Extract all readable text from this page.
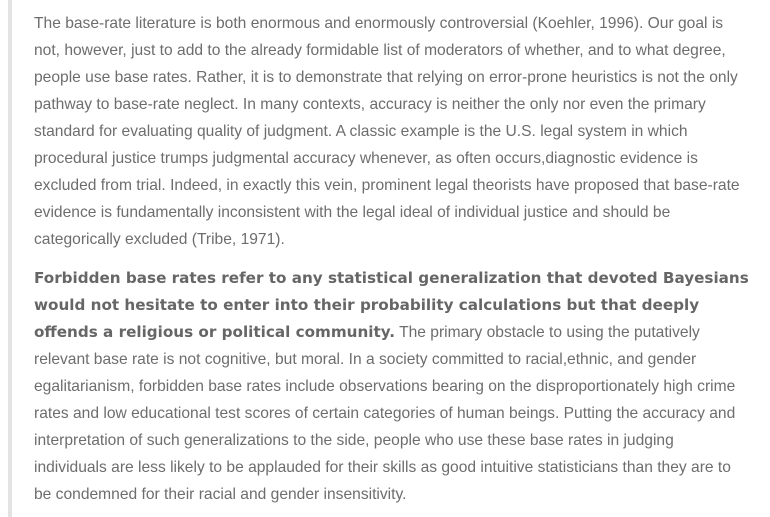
The base-rate literature is both enormous and enormously controversial (Koehler, 1996). Our goal is not, however, just to add to the already formidable list of moderators of whether, and to what degree, people use base rates. Rather, it is to demonstrate that relying on error-prone heuristics is not the only pathway to base-rate neglect. In many contexts, accuracy is neither the only nor even the primary standard for evaluating quality of judgment. A classic example is the U.S. legal system in which procedural justice trumps judgmental accuracy whenever, as often occurs,diagnostic evidence is excluded from trial. Indeed, in exactly this vein, prominent legal theorists have proposed that base-rate evidence is fundamentally inconsistent with the legal ideal of individual justice and should be categorically excluded (Tribe, 1971).

Forbidden base rates refer to any statistical generalization that devoted Bayesians would not hesitate to enter into their probability calculations but that deeply offends a religious or political community. The primary obstacle to using the putatively relevant base rate is not cognitive, but moral. In a society committed to racial,ethnic, and gender egalitarianism, forbidden base rates include observations bearing on the disproportionately high crime rates and low educational test scores of certain categories of human beings. Putting the accuracy and interpretation of such generalizations to the side, people who use these base rates in judging individuals are less likely to be applauded for their skills as good intuitive statisticians than they are to be condemned for their racial and gender insensitivity.
